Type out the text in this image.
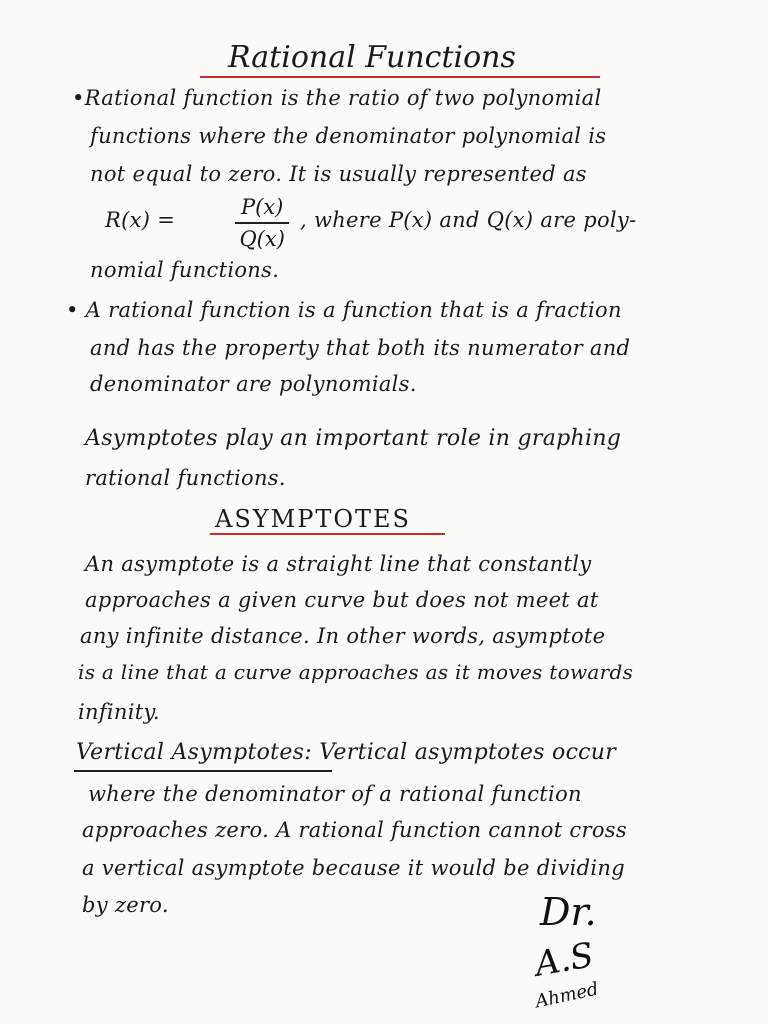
Rational Functions
•Rational function is the ratio of two polynomial
functions where the denominator polynomial is
not equal to zero. It is usually represented as
R(x) =	$\frac{P(x)}{Q(x)}$ , where P(x) and Q(x) are poly-
nomial functions.
• A rational function is a function that is a fraction
and has the property that both its numerator and
denominator are polynomials.
Asymptotes play an important role in graphing
rational functions.
ASYMPTOTES
An asymptote is a straight line that constantly
approaches a given curve but does not meet at
any infinite distance. In other words, asymptote
is a line that a curve approaches as it moves towards
infinity.
Vertical Asymptotes: Vertical asymptotes occur
where the denominator of a rational function
approaches zero. A rational function cannot cross
a vertical asymptote because it would be dividing
by zero.	Dr.
A.S
Ahmed
